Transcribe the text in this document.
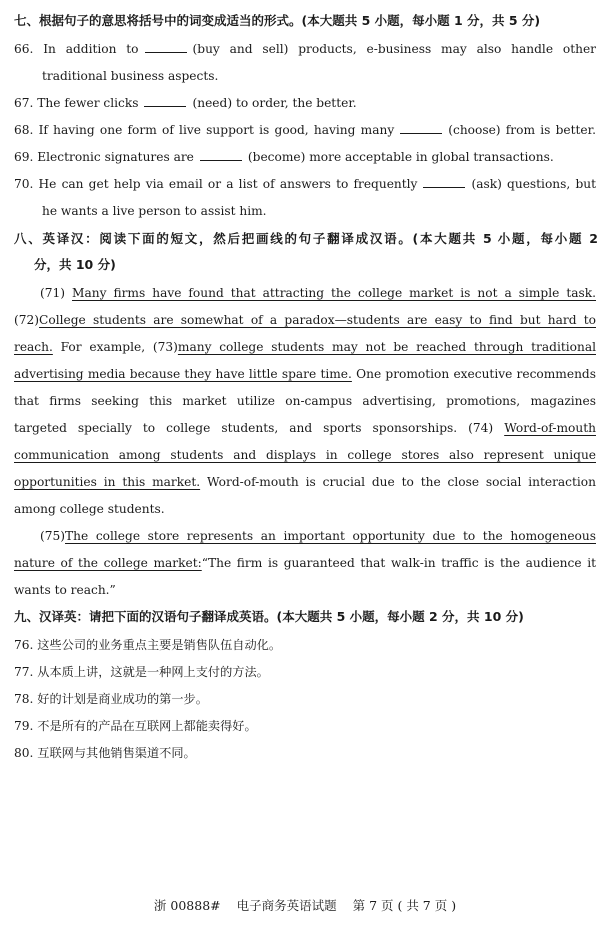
七、根据句子的意思将括号中的词变成适当的形式。(本大题共 5 小题，每小题 1 分，共 5 分)
66. In addition to	(buy and sell) products, e-business may also handle other
traditional business aspects.
67. The fewer clicks	(need) to order, the better.
68. If having one form of live support is good, having many	(choose) from is better.
69. Electronic signatures are	(become) more acceptable in global transactions.
70. He can get help via email or a list of answers to frequently	(ask) questions, but
he wants a live person to assist him.
八、英译汉：阅读下面的短文，然后把画线的句子翻译成汉语。(本大题共 5 小题，每小题 2
分，共 10 分)
(71) Many firms have found that attracting the college market is not a simple task.
(72)College students are somewhat of a paradox—students are easy to find but hard to
reach. For example, (73)many college students may not be reached through traditional
advertising media because they have little spare time. One promotion executive recommends
that firms seeking this market utilize on-campus advertising, promotions, magazines
targeted specially to college students, and sports sponsorships. (74) Word-of-mouth
communication among students and displays in college stores also represent unique
opportunities in this market. Word-of-mouth is crucial due to the close social interaction
among college students.
(75)The college store represents an important opportunity due to the homogeneous
nature of the college market:“The firm is guaranteed that walk-in traffic is the audience it
wants to reach.”
九、汉译英：请把下面的汉语句子翻译成英语。(本大题共 5 小题，每小题 2 分，共 10 分)
76. 这些公司的业务重点主要是销售队伍自动化。
77. 从本质上讲，这就是一种网上支付的方法。
78. 好的计划是商业成功的第一步。
79. 不是所有的产品在互联网上都能卖得好。
80. 互联网与其他销售渠道不同。
浙 00888# 电子商务英语试题 第 7 页 ( 共 7 页 )
